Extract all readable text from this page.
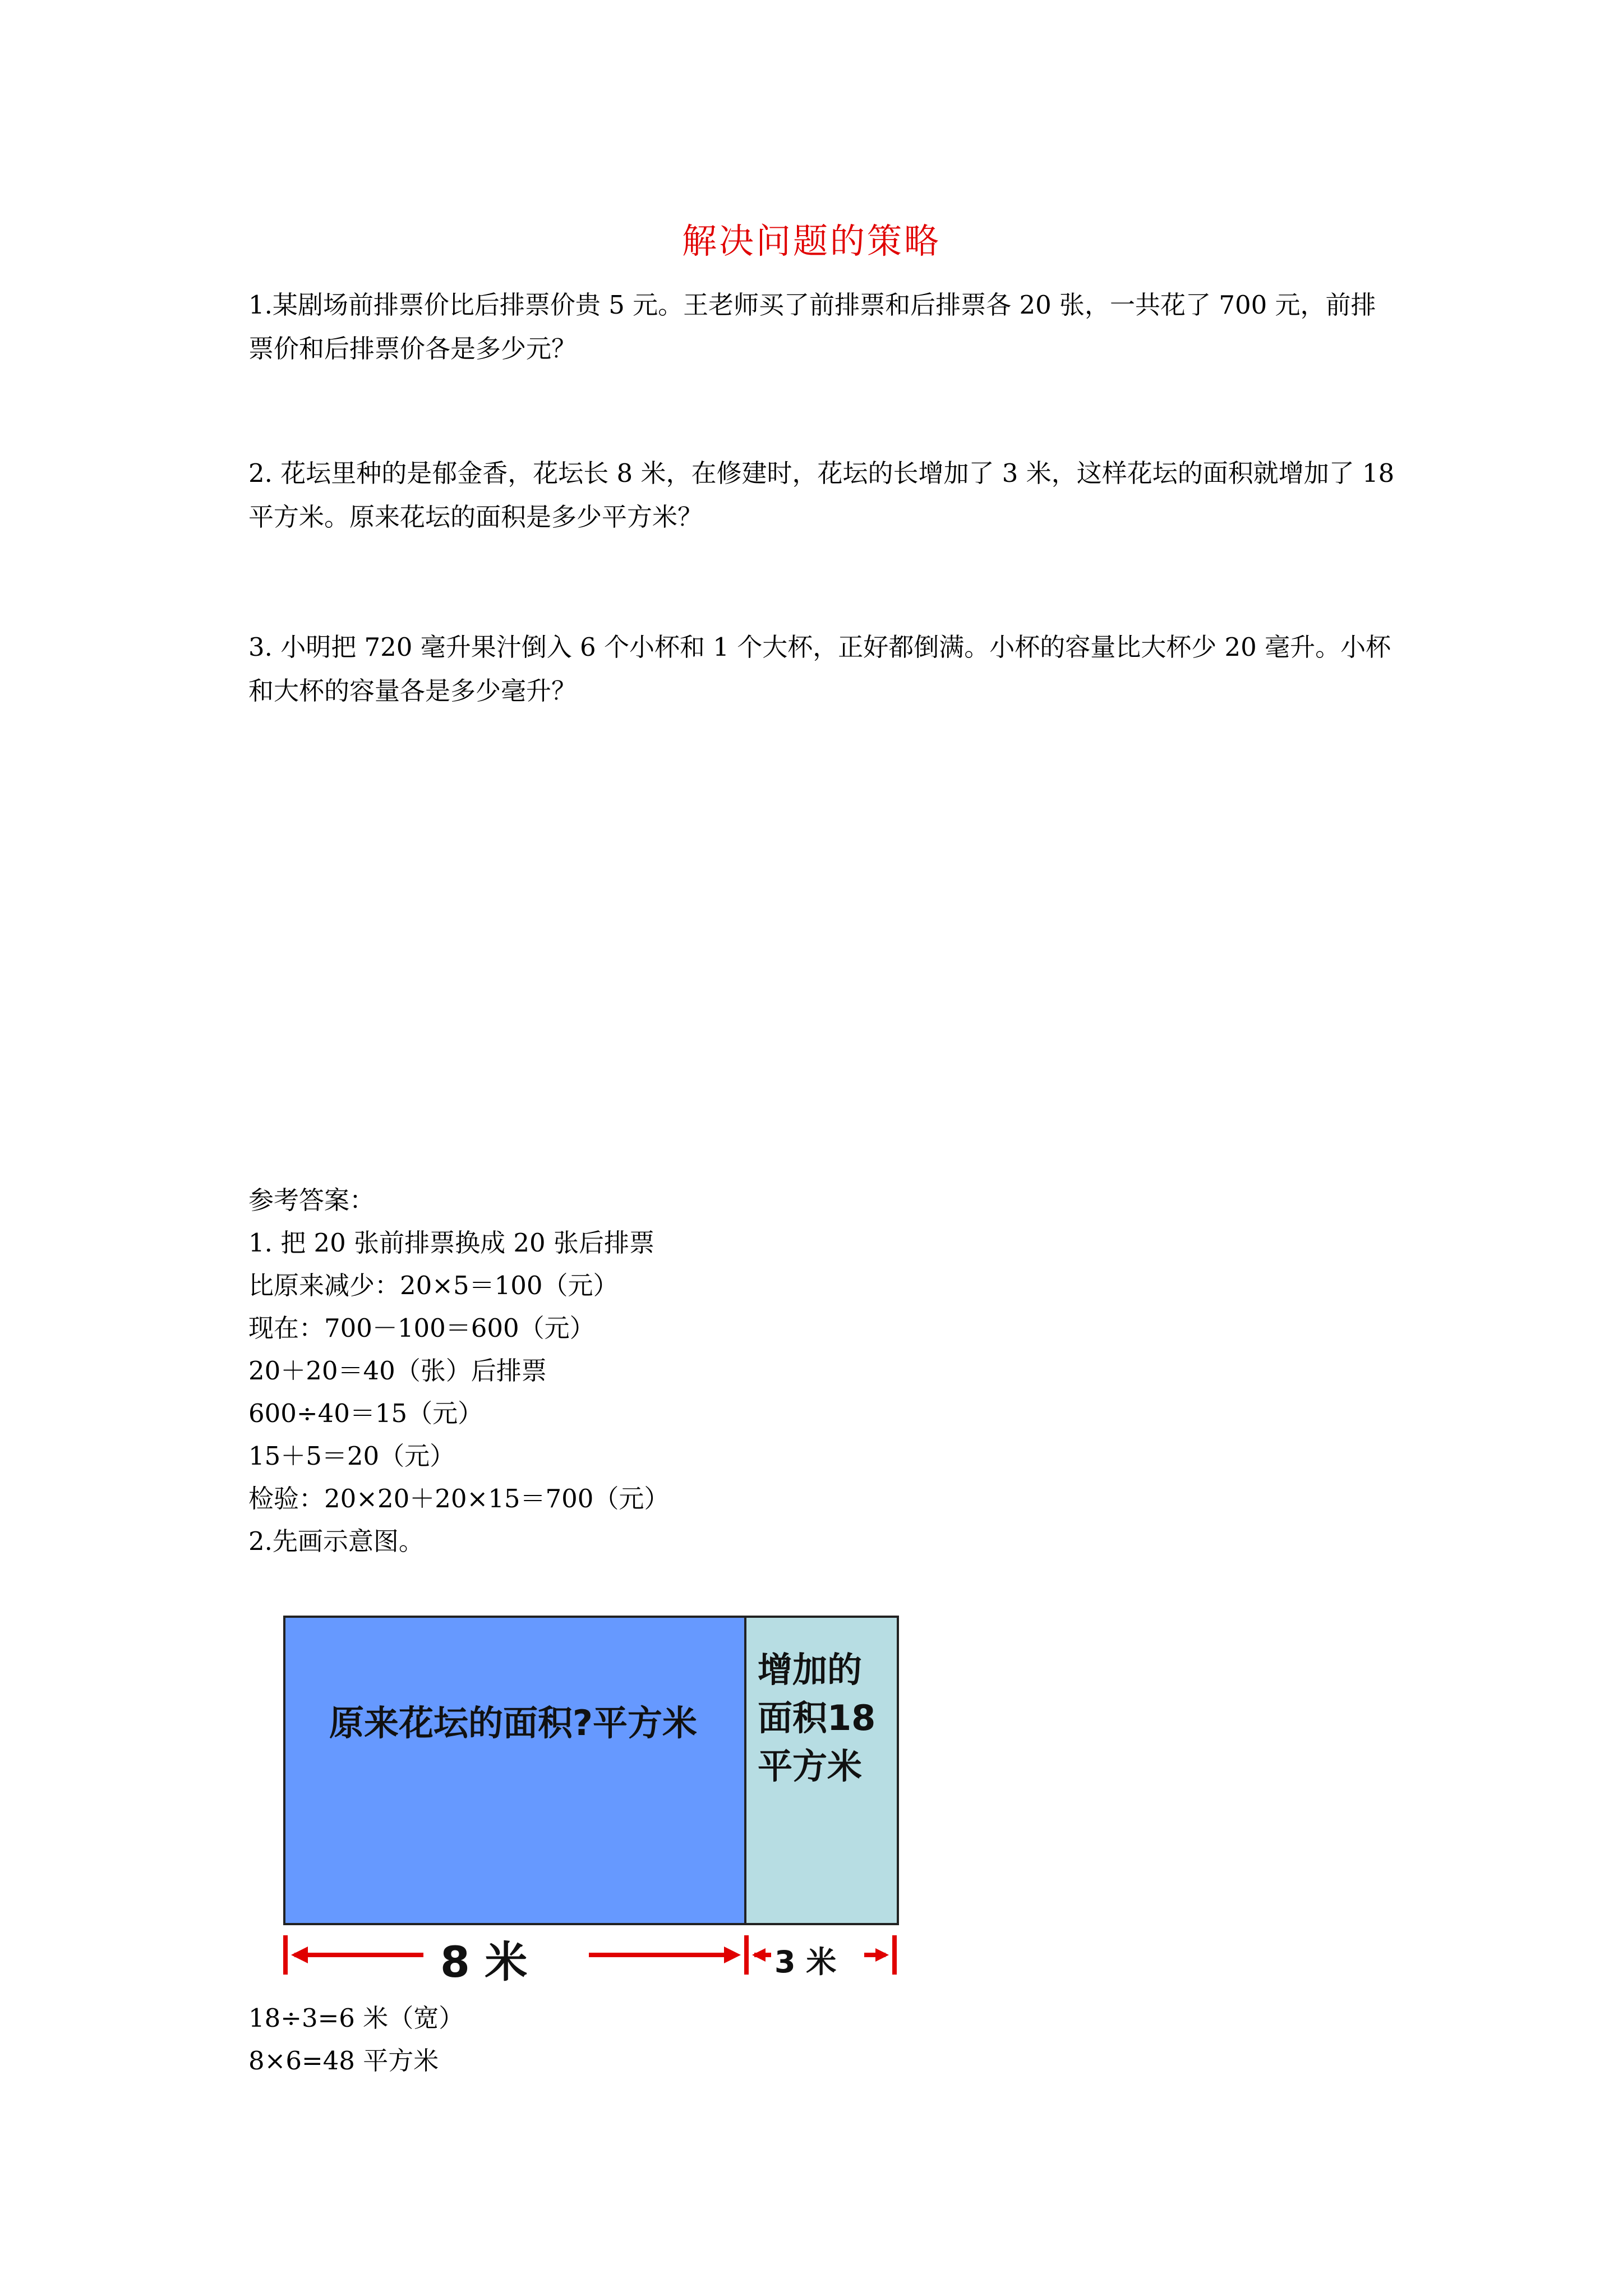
解决问题的策略
1.某剧场前排票价比后排票价贵 5 元。王老师买了前排票和后排票各 20 张，一共花了 700 元，前排票价和后排票价各是多少元？
2. 花坛里种的是郁金香，花坛长 8 米，在修建时，花坛的长增加了 3 米，这样花坛的面积就增加了 18 平方米。原来花坛的面积是多少平方米？
3. 小明把 720 毫升果汁倒入 6 个小杯和 1 个大杯，正好都倒满。小杯的容量比大杯少 20 毫升。小杯和大杯的容量各是多少毫升？
参考答案：
1. 把 20 张前排票换成 20 张后排票
比原来减少：20×5＝100（元）
现在：700－100＝600（元）
20＋20＝40（张）后排票
600÷40＝15（元）
15＋5＝20（元）
检验：20×20＋20×15＝700（元）
2.先画示意图。
原来花坛的面积?平方米
增加的面积18平方米
8 米	3 米
18÷3=6 米（宽）
8×6=48 平方米
